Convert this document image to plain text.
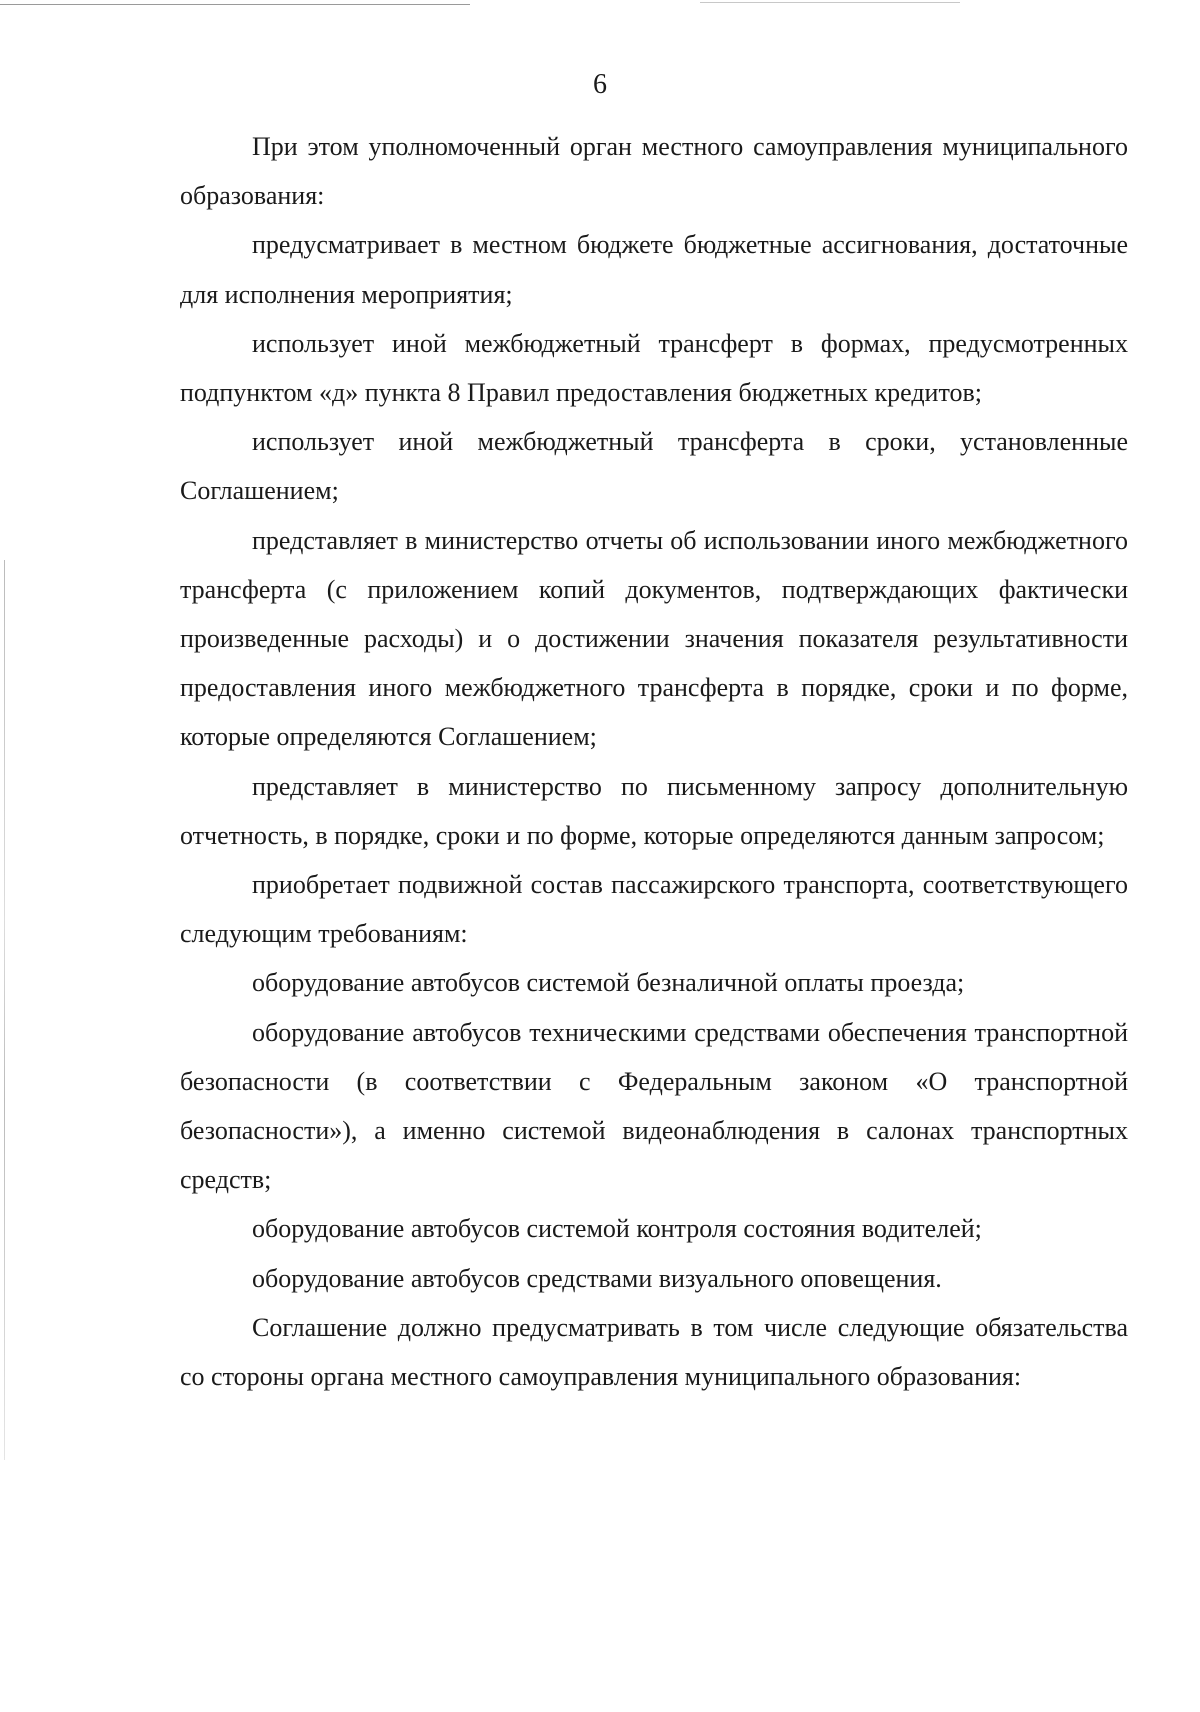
6

При этом уполномоченный орган местного самоуправления муниципального образования:

предусматривает в местном бюджете бюджетные ассигнования, достаточные для исполнения мероприятия;

использует иной межбюджетный трансферт в формах, предусмотренных подпунктом «д» пункта 8 Правил предоставления бюджетных кредитов;

использует иной межбюджетный трансферта в сроки, установленные Соглашением;

представляет в министерство отчеты об использовании иного межбюджетного трансферта (с приложением копий документов, подтверждающих фактически произведенные расходы) и о достижении значения показателя результативности предоставления иного межбюджетного трансферта в порядке, сроки и по форме, которые определяются Соглашением;

представляет в министерство по письменному запросу дополнительную отчетность, в порядке, сроки и по форме, которые определяются данным запросом;

приобретает подвижной состав пассажирского транспорта, соответствующего следующим требованиям:

оборудование автобусов системой безналичной оплаты проезда;

оборудование автобусов техническими средствами обеспечения транспортной безопасности (в соответствии с Федеральным законом «О транспортной безопасности»), а именно системой видеонаблюдения в салонах транспортных средств;

оборудование автобусов системой контроля состояния водителей;

оборудование автобусов средствами визуального оповещения.

Соглашение должно предусматривать в том числе следующие обязательства со стороны органа местного самоуправления муниципального образования:
